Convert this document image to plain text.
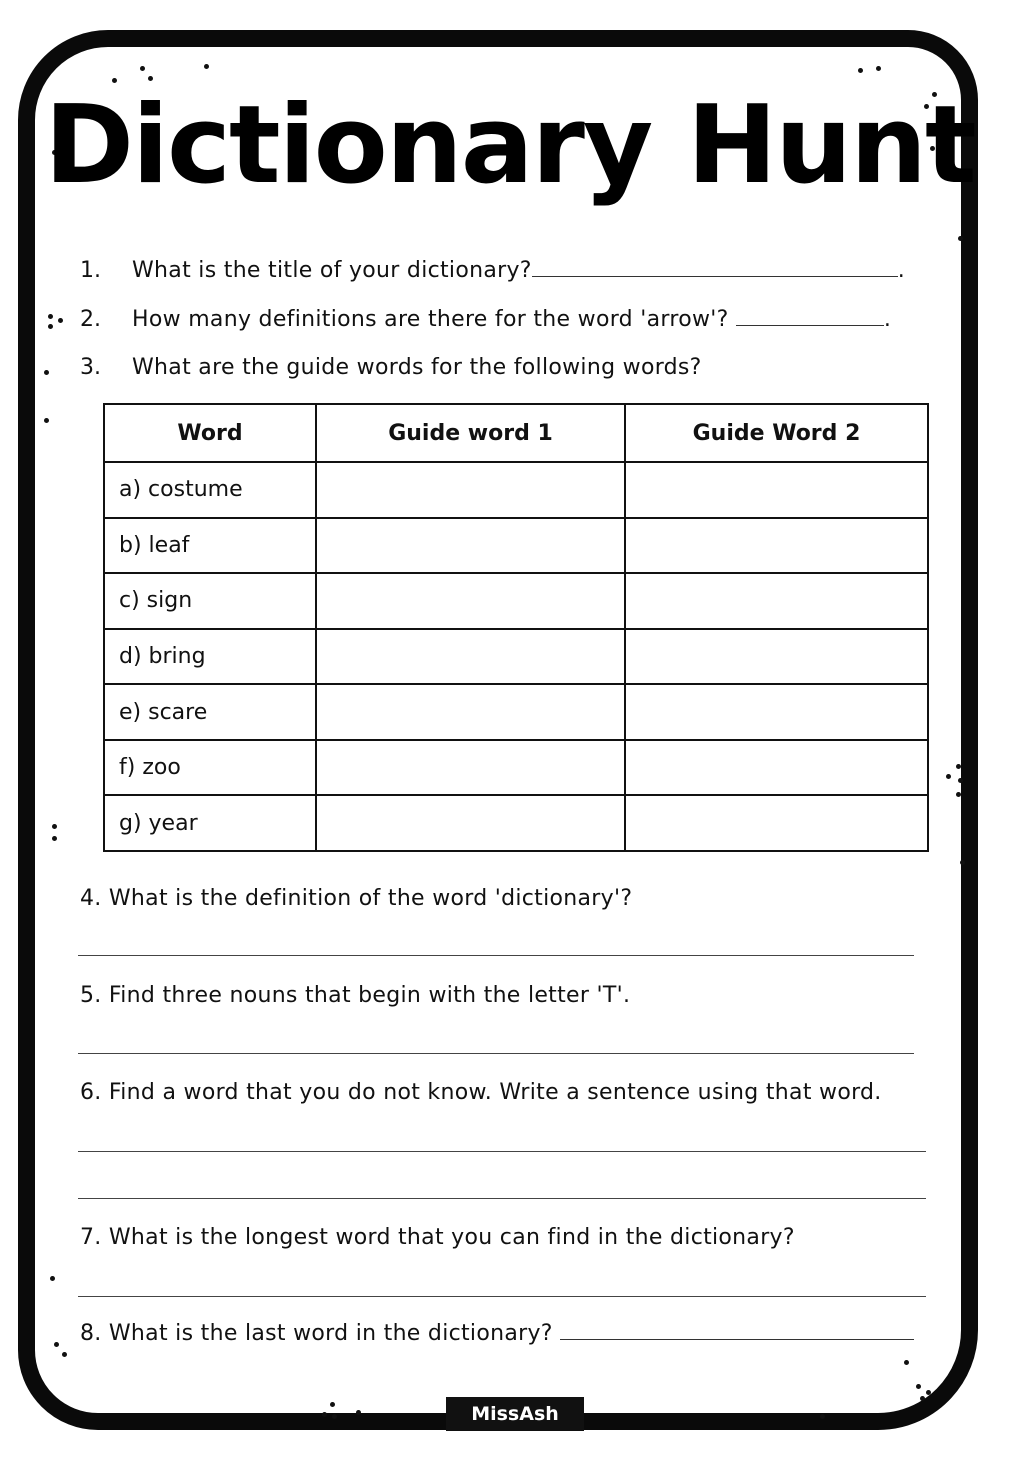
Dictionary Hunt
1. What is the title of your dictionary?	.
2. How many definitions are there for the word 'arrow'?	.
3. What are the guide words for the following words?
Word	Guide word 1	Guide Word 2
a) costume		
b) leaf		
c) sign		
d) bring		
e) scare		
f) zoo		
g) year		
4. What is the definition of the word 'dictionary'?
5. Find three nouns that begin with the letter 'T'.
6. Find a word that you do not know. Write a sentence using that word.
7. What is the longest word that you can find in the dictionary?
8. What is the last word in the dictionary?
MissAsh
